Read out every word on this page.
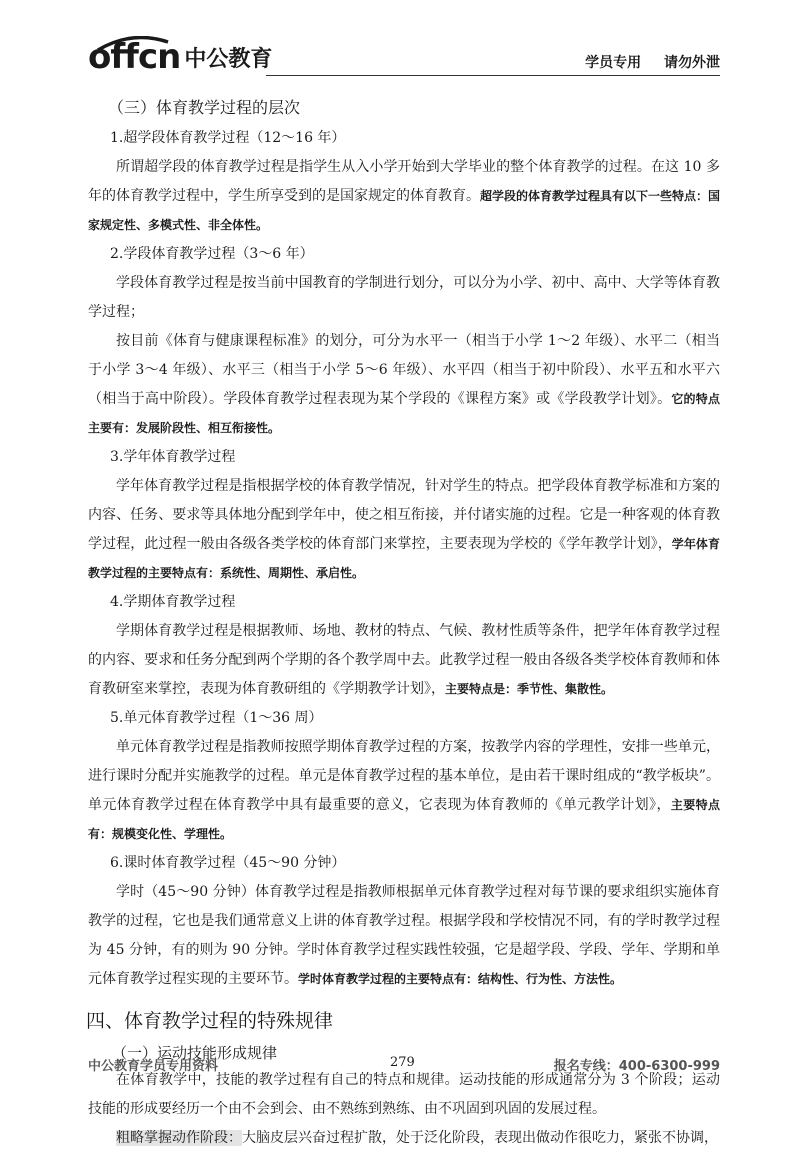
offcn 中公教育	学员专用 请勿外泄
（三）体育教学过程的层次
1.超学段体育教学过程（12～16 年）

所谓超学段的体育教学过程是指学生从入小学开始到大学毕业的整个体育教学的过程。在这 10 多年的体育教学过程中，学生所享受到的是国家规定的体育教育。超学段的体育教学过程具有以下一些特点：国家规定性、多模式性、非全体性。

2.学段体育教学过程（3～6 年）

学段体育教学过程是按当前中国教育的学制进行划分，可以分为小学、初中、高中、大学等体育教学过程；

按目前《体育与健康课程标准》的划分，可分为水平一（相当于小学 1～2 年级）、水平二（相当于小学 3～4 年级）、水平三（相当于小学 5～6 年级）、水平四（相当于初中阶段）、水平五和水平六（相当于高中阶段）。学段体育教学过程表现为某个学段的《课程方案》或《学段教学计划》。它的特点主要有：发展阶段性、相互衔接性。

3.学年体育教学过程

学年体育教学过程是指根据学校的体育教学情况，针对学生的特点。把学段体育教学标准和方案的内容、任务、要求等具体地分配到学年中，使之相互衔接，并付诸实施的过程。它是一种客观的体育教学过程，此过程一般由各级各类学校的体育部门来掌控，主要表现为学校的《学年教学计划》，学年体育教学过程的主要特点有：系统性、周期性、承启性。

4.学期体育教学过程

学期体育教学过程是根据教师、场地、教材的特点、气候、教材性质等条件，把学年体育教学过程的内容、要求和任务分配到两个学期的各个教学周中去。此教学过程一般由各级各类学校体育教师和体育教研室来掌控，表现为体育教研组的《学期教学计划》，主要特点是：季节性、集散性。

5.单元体育教学过程（1～36 周）

单元体育教学过程是指教师按照学期体育教学过程的方案，按教学内容的学理性，安排一些单元，进行课时分配并实施教学的过程。单元是体育教学过程的基本单位，是由若干课时组成的“教学板块”。单元体育教学过程在体育教学中具有最重要的意义，它表现为体育教师的《单元教学计划》，主要特点有：规模变化性、学理性。

6.课时体育教学过程（45～90 分钟）

学时（45～90 分钟）体育教学过程是指教师根据单元体育教学过程对每节课的要求组织实施体育教学的过程，它也是我们通常意义上讲的体育教学过程。根据学段和学校情况不同，有的学时教学过程为 45 分钟，有的则为 90 分钟。学时体育教学过程实践性较强，它是超学段、学段、学年、学期和单元体育教学过程实现的主要环节。学时体育教学过程的主要特点有：结构性、行为性、方法性。

四、体育教学过程的特殊规律
（一）运动技能形成规律

在体育教学中，技能的教学过程有自己的特点和规律。运动技能的形成通常分为 3 个阶段；运动技能的形成要经历一个由不会到会、由不熟练到熟练、由不巩固到巩固的发展过程。

粗略掌握动作阶段：大脑皮层兴奋过程扩散，处于泛化阶段，表现出做动作很吃力，紧张不协调，

中公教育学员专用资料	279	报名专线：400-6300-999
